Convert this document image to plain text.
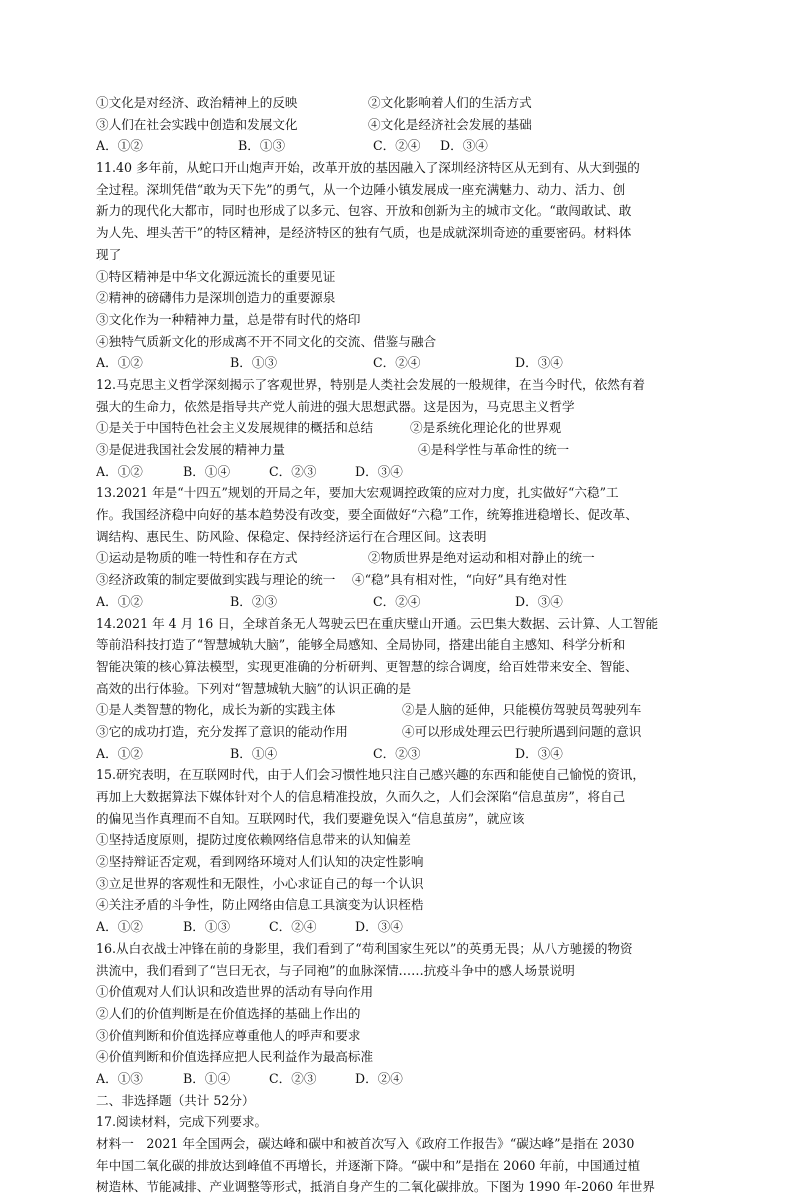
①文化是对经济、政治精神上的反映	②文化影响着人们的生活方式
③人们在社会实践中创造和发展文化	④文化是经济社会发展的基础
A．①②	B．①③	C．②④ D．③④
11.40 多年前，从蛇口开山炮声开始，改革开放的基因融入了深圳经济特区从无到有、从大到强的
全过程。深圳凭借“敢为天下先”的勇气，从一个边陲小镇发展成一座充满魅力、动力、活力、创
新力的现代化大都市，同时也形成了以多元、包容、开放和创新为主的城市文化。“敢闯敢试、敢
为人先、埋头苦干”的特区精神，是经济特区的独有气质，也是成就深圳奇迹的重要密码。材料体
现了
①特区精神是中华文化源远流长的重要见证
②精神的磅礴伟力是深圳创造力的重要源泉
③文化作为一种精神力量，总是带有时代的烙印
④独特气质新文化的形成离不开不同文化的交流、借鉴与融合
A．①②	B．①③	C．②④	D．③④
12.马克思主义哲学深刻揭示了客观世界，特别是人类社会发展的一般规律，在当今时代，依然有着
强大的生命力，依然是指导共产党人前进的强大思想武器。这是因为，马克思主义哲学
①是关于中国特色社会主义发展规律的概括和总结	②是系统化理论化的世界观
③是促进我国社会发展的精神力量	④是科学性与革命性的统一
A．①②	B．①④	C．②③	D．③④
13.2021 年是“十四五”规划的开局之年，要加大宏观调控政策的应对力度，扎实做好“六稳”工
作。我国经济稳中向好的基本趋势没有改变，要全面做好“六稳”工作，统筹推进稳增长、促改革、
调结构、惠民生、防风险、保稳定、保持经济运行在合理区间。这表明
①运动是物质的唯一特性和存在方式	②物质世界是绝对运动和相对静止的统一
③经济政策的制定要做到实践与理论的统一 ④“稳”具有相对性，“向好”具有绝对性
A．①②	B．②③	C．②④	D．③④
14.2021 年 4 月 16 日，全球首条无人驾驶云巴在重庆璧山开通。云巴集大数据、云计算、人工智能
等前沿科技打造了“智慧城轨大脑”，能够全局感知、全局协同，搭建出能自主感知、科学分析和
智能决策的核心算法模型，实现更准确的分析研判、更智慧的综合调度，给百姓带来安全、智能、
高效的出行体验。下列对“智慧城轨大脑”的认识正确的是
①是人类智慧的物化，成长为新的实践主体	②是人脑的延伸，只能模仿驾驶员驾驶列车
③它的成功打造，充分发挥了意识的能动作用	④可以形成处理云巴行驶所遇到问题的意识
A．①②	B．①④	C．②③	D．③④
15.研究表明，在互联网时代，由于人们会习惯性地只注自己感兴趣的东西和能使自己愉悦的资讯，
再加上大数据算法下媒体针对个人的信息精准投放，久而久之，人们会深陷“信息茧房”，将自己
的偏见当作真理而不自知。互联网时代，我们要避免误入“信息茧房”，就应该
①坚持适度原则，提防过度依赖网络信息带来的认知偏差
②坚持辩证否定观，看到网络环境对人们认知的决定性影响
③立足世界的客观性和无限性，小心求证自己的每一个认识
④关注矛盾的斗争性，防止网络由信息工具演变为认识桎梏
A．①②	B．①③	C．②④	D．③④
16.从白衣战士冲锋在前的身影里，我们看到了“苟利国家生死以”的英勇无畏；从八方驰援的物资
洪流中，我们看到了“岂曰无衣，与子同袍”的血脉深情……抗疫斗争中的感人场景说明
①价值观对人们认识和改造世界的活动有导向作用
②人们的价值判断是在价值选择的基础上作出的
③价值判断和价值选择应尊重他人的呼声和要求
④价值判断和价值选择应把人民利益作为最高标准
A．①③	B．①④	C．②③	D．②④
二、非选择题（共计 52分）
17.阅读材料，完成下列要求。
材料一　2021 年全国两会，碳达峰和碳中和被首次写入《政府工作报告》“碳达峰”是指在 2030
年中国二氧化碳的排放达到峰值不再增长，并逐渐下降。“碳中和”是指在 2060 年前，中国通过植
树造林、节能减排、产业调整等形式，抵消自身产生的二氧化碳排放。下图为 1990 年-2060 年世界
